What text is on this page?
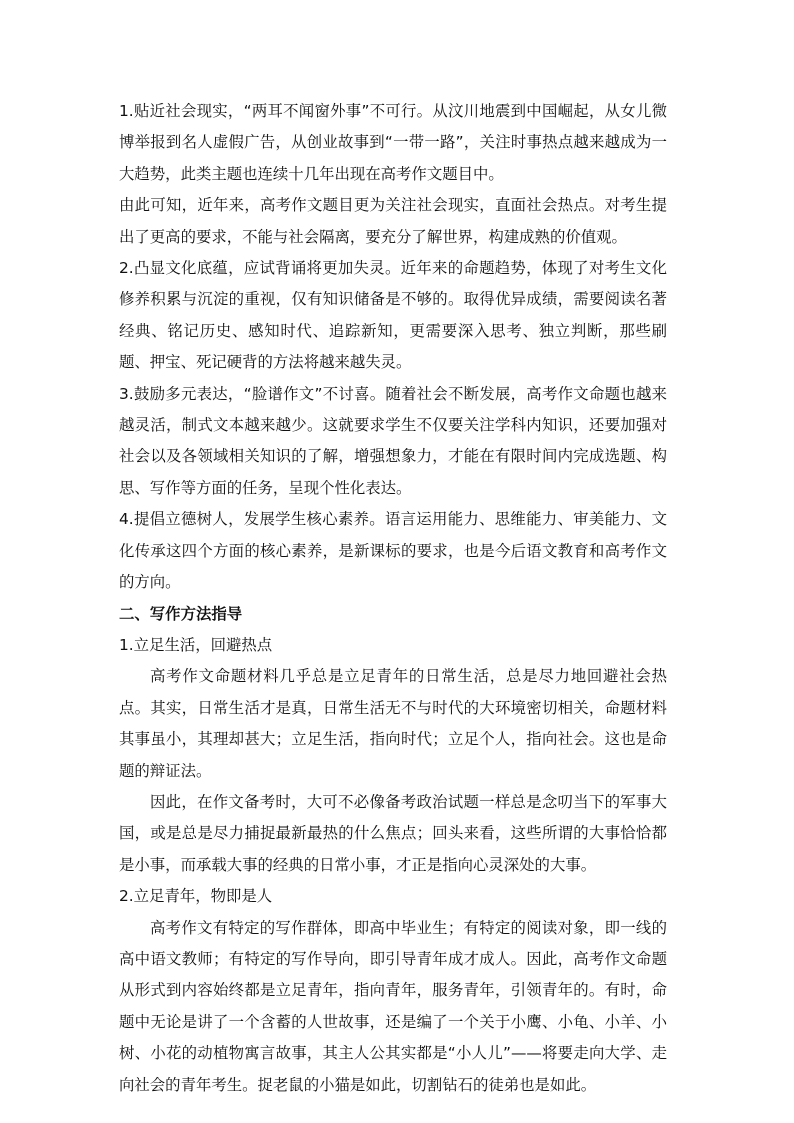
1.贴近社会现实，“两耳不闻窗外事”不可行。从汶川地震到中国崛起，从女儿微博举报到名人虚假广告，从创业故事到“一带一路”，关注时事热点越来越成为一大趋势，此类主题也连续十几年出现在高考作文题目中。

由此可知，近年来，高考作文题目更为关注社会现实，直面社会热点。对考生提出了更高的要求，不能与社会隔离，要充分了解世界，构建成熟的价值观。

2.凸显文化底蕴，应试背诵将更加失灵。近年来的命题趋势，体现了对考生文化修养积累与沉淀的重视，仅有知识储备是不够的。取得优异成绩，需要阅读名著经典、铭记历史、感知时代、追踪新知，更需要深入思考、独立判断，那些刷题、押宝、死记硬背的方法将越来越失灵。

3.鼓励多元表达，“脸谱作文”不讨喜。随着社会不断发展，高考作文命题也越来越灵活，制式文本越来越少。这就要求学生不仅要关注学科内知识，还要加强对社会以及各领域相关知识的了解，增强想象力，才能在有限时间内完成选题、构思、写作等方面的任务，呈现个性化表达。

4.提倡立德树人，发展学生核心素养。语言运用能力、思维能力、审美能力、文化传承这四个方面的核心素养，是新课标的要求，也是今后语文教育和高考作文的方向。

二、写作方法指导

1.立足生活，回避热点

高考作文命题材料几乎总是立足青年的日常生活，总是尽力地回避社会热点。其实，日常生活才是真，日常生活无不与时代的大环境密切相关，命题材料其事虽小，其理却甚大；立足生活，指向时代；立足个人，指向社会。这也是命题的辩证法。

因此，在作文备考时，大可不必像备考政治试题一样总是念叨当下的军事大国，或是总是尽力捕捉最新最热的什么焦点；回头来看，这些所谓的大事恰恰都是小事，而承载大事的经典的日常小事，才正是指向心灵深处的大事。

2.立足青年，物即是人

高考作文有特定的写作群体，即高中毕业生；有特定的阅读对象，即一线的高中语文教师；有特定的写作导向，即引导青年成才成人。因此，高考作文命题从形式到内容始终都是立足青年，指向青年，服务青年，引领青年的。有时，命题中无论是讲了一个含蓄的人世故事，还是编了一个关于小鹰、小龟、小羊、小树、小花的动植物寓言故事，其主人公其实都是“小人儿”——将要走向大学、走向社会的青年考生。捉老鼠的小猫是如此，切割钻石的徒弟也是如此。
